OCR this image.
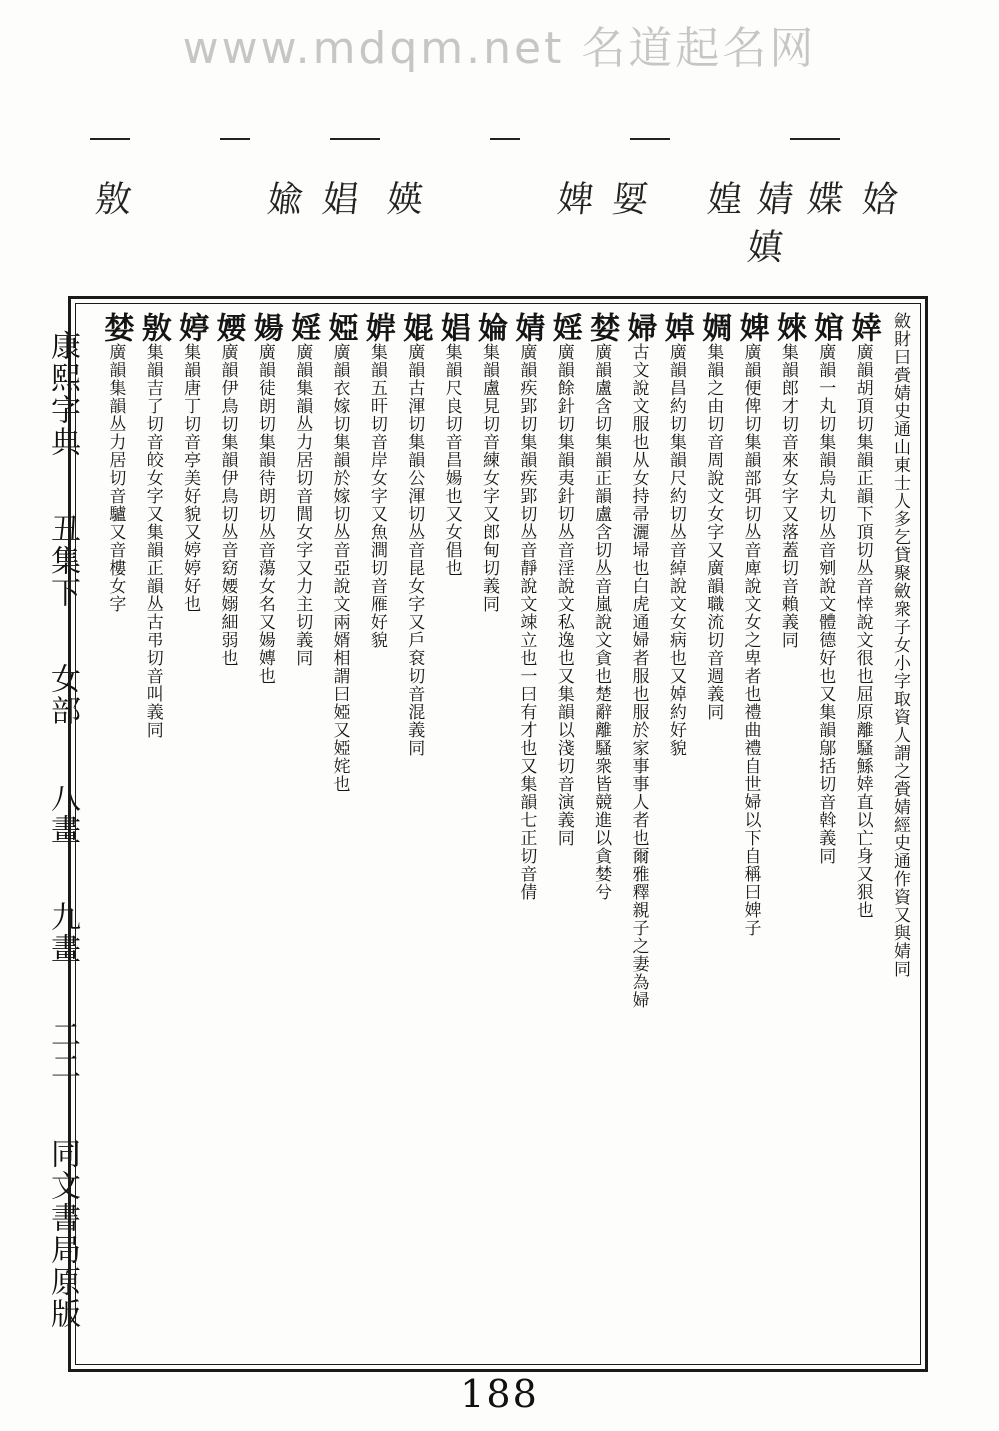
www.mdqm.net 名道起名网
敫	婾 娼 媖	婢 娿 媓 婧 媟 娢
嫃
康熙字典
丑集下
女部
八畫
九畫
二二
同文書局原版
斂財曰賫婧史通山東士人多乞貸聚斂衆子女小字取資人謂之賫婧經史通作資又與婧同
婞廣韻胡頂切集韻正韻下頂切丛音悻說文很也屈原離騷鯀婞直以亡身又狠也
婠廣韻一丸切集韻烏丸切丛音剜說文體德好也又集韻鄔括切音斡義同
婡集韻郎才切音來女字又落蓋切音賴義同
婢廣韻便俾切集韻部弭切丛音庳說文女之卑者也禮曲禮自世婦以下自稱曰婢子
婤集韻之由切音周說文女字又廣韻職流切音週義同
婥廣韻昌約切集韻尺約切丛音綽說文女病也又婥約好貌
婦古文說文服也从女持帚灑埽也白虎通婦者服也服於家事事人者也爾雅釋親子之妻為婦
婪廣韻盧含切集韻正韻盧含切丛音嵐說文貪也楚辭離騷衆皆競進以貪婪兮
婬廣韻餘針切集韻夷針切丛音淫說文私逸也又集韻以淺切音演義同
婧廣韻疾郢切集韻疾郢切丛音靜說文竦立也一曰有才也又集韻七正切音倩
婨集韻盧見切音練女字又郎甸切義同
娼集韻尺良切音昌婸也又女倡也
婫廣韻古渾切集韻公渾切丛音昆女字又戶袞切音混義同
婩集韻五旰切音岸女字又魚澗切音雁好貌
婭廣韻衣嫁切集韻於嫁切丛音亞說文兩婿相謂曰婭又婭姹也
婬廣韻集韻丛力居切音閭女字又力主切義同
婸廣韻徒朗切集韻待朗切丛音蕩女名又婸嫥也
婹廣韻伊鳥切集韻伊鳥切丛音窈婹嫋細弱也
婷集韻唐丁切音亭美好貌又婷婷好也
敫集韻吉了切音皎女字又集韻正韻丛古弔切音叫義同
婪廣韻集韻丛力居切音驢又音樓女字
188
